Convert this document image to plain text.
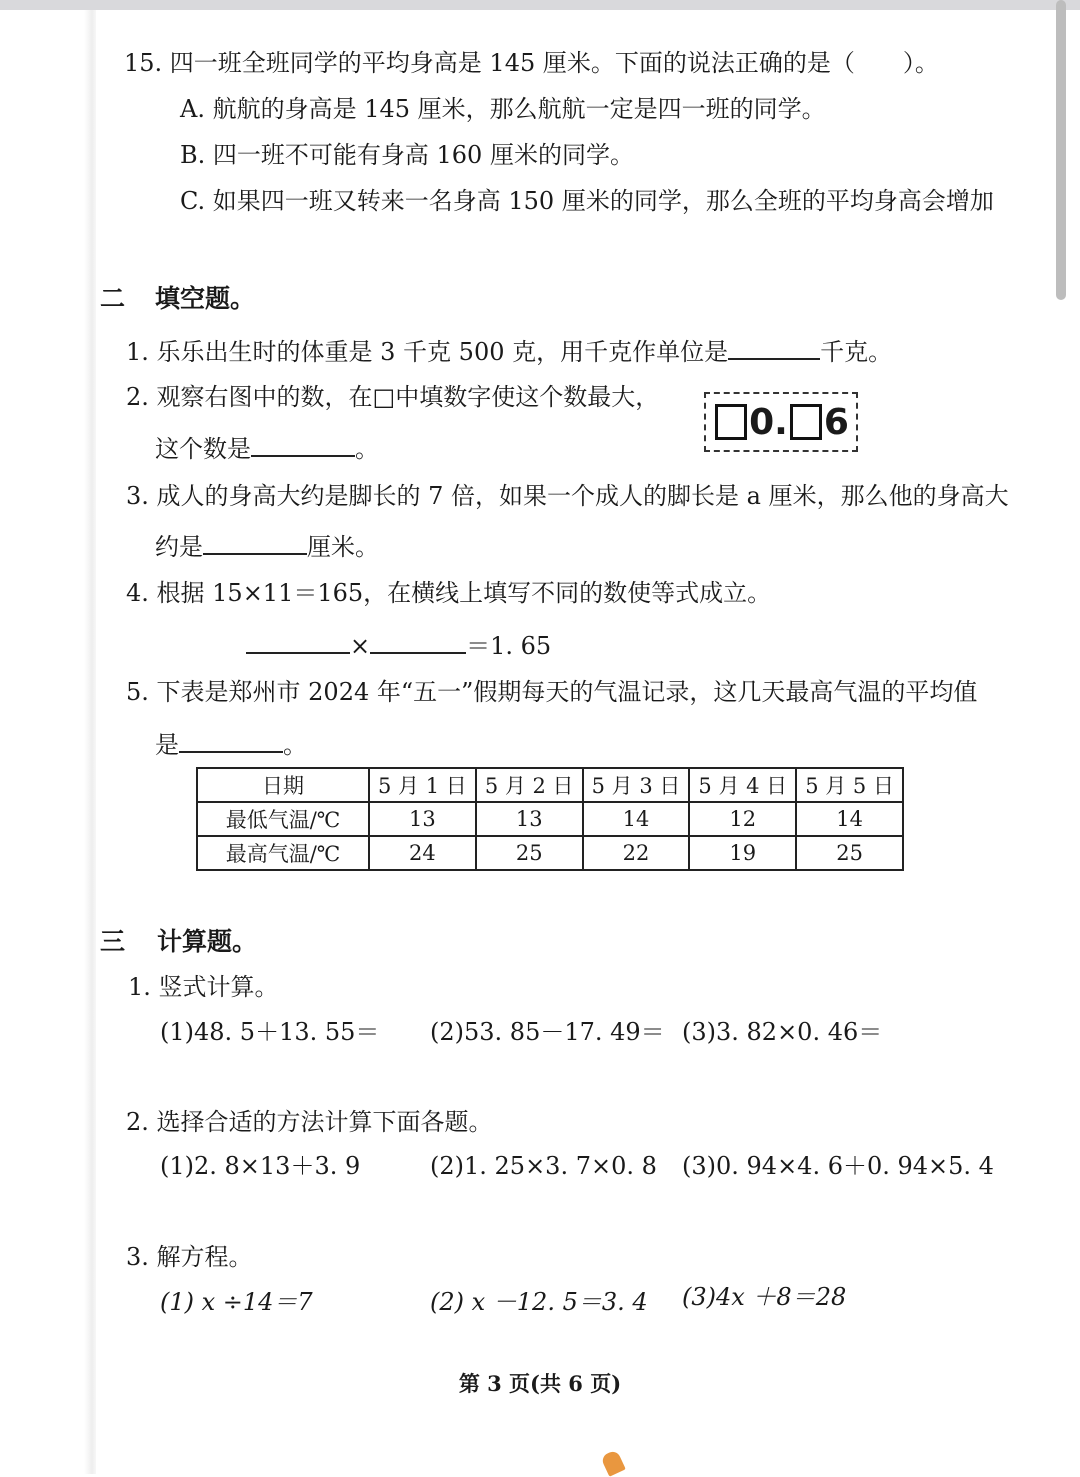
15. 四一班全班同学的平均身高是 145 厘米。下面的说法正确的是（　　）。
A. 航航的身高是 145 厘米，那么航航一定是四一班的同学。
B. 四一班不可能有身高 160 厘米的同学。
C. 如果四一班又转来一名身高 150 厘米的同学，那么全班的平均身高会增加
二 填空题。
1. 乐乐出生时的体重是 3 千克 500 克，用千克作单位是	千克。
2. 观察右图中的数，在□中填数字使这个数最大，
这个数是	。
0. 6
3. 成人的身高大约是脚长的 7 倍，如果一个成人的脚长是 a 厘米，那么他的身高大
约是	厘米。
4. 根据 15×11＝165，在横线上填写不同的数使等式成立。
×	＝1. 65
5. 下表是郑州市 2024 年“五一”假期每天的气温记录，这几天最高气温的平均值
是	。
日期	5 月 1 日	5 月 2 日	5 月 3 日	5 月 4 日	5 月 5 日
最低气温/℃	13	13	14	12	14
最高气温/℃	24	25	22	19	25
三 计算题。
1. 竖式计算。
(1)48. 5＋13. 55＝ (2)53. 85－17. 49＝ (3)3. 82×0. 46＝
2. 选择合适的方法计算下面各题。
(1)2. 8×13＋3. 9	(2)1. 25×3. 7×0. 8 (3)0. 94×4. 6＋0. 94×5. 4
3. 解方程。
(1) x ÷14＝7	(2) x －12. 5＝3. 4 (3)4x ＋8＝28
第 3 页(共 6 页)
